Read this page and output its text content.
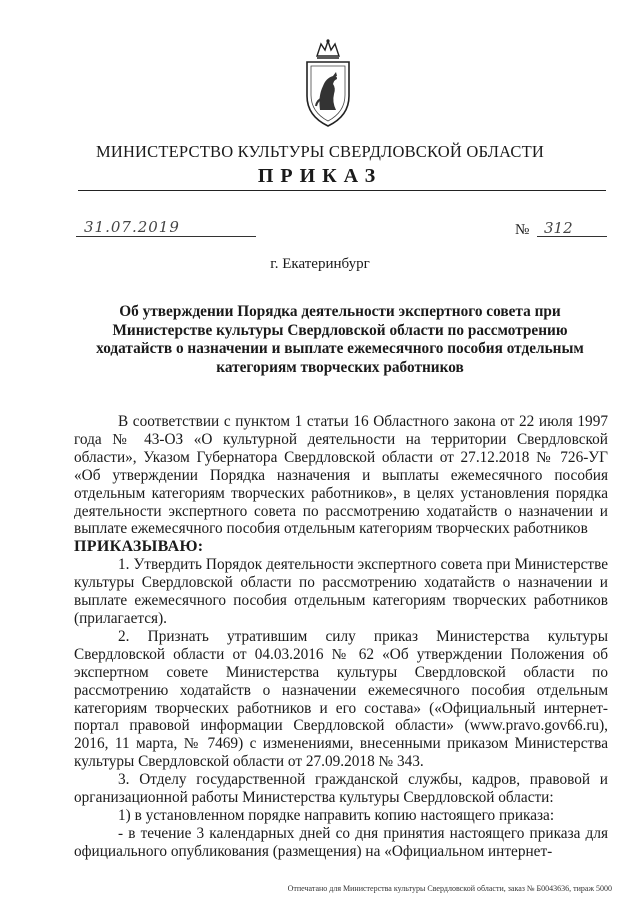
МИНИСТЕРСТВО КУЛЬТУРЫ СВЕРДЛОВСКОЙ ОБЛАСТИ
ПРИКАЗ
31.07.2019	№ 312
г. Екатеринбург
Об утверждении Порядка деятельности экспертного совета при Министерстве культуры Свердловской области по рассмотрению ходатайств о назначении и выплате ежемесячного пособия отдельным категориям творческих работников

В соответствии с пунктом 1 статьи 16 Областного закона от 22 июля 1997 года № 43-ОЗ «О культурной деятельности на территории Свердловской области», Указом Губернатора Свердловской области от 27.12.2018 № 726-УГ «Об утверждении Порядка назначения и выплаты ежемесячного пособия отдельным категориям творческих работников», в целях установления порядка деятельности экспертного совета по рассмотрению ходатайств о назначении и выплате ежемесячного пособия отдельным категориям творческих работников

ПРИКАЗЫВАЮ:

1. Утвердить Порядок деятельности экспертного совета при Министерстве культуры Свердловской области по рассмотрению ходатайств о назначении и выплате ежемесячного пособия отдельным категориям творческих работников (прилагается).

2. Признать утратившим силу приказ Министерства культуры Свердловской области от 04.03.2016 № 62 «Об утверждении Положения об экспертном совете Министерства культуры Свердловской области по рассмотрению ходатайств о назначении ежемесячного пособия отдельным категориям творческих работников и его состава» («Официальный интернет-портал правовой информации Свердловской области» (www.pravo.gov66.ru), 2016, 11 марта, № 7469) с изменениями, внесенными приказом Министерства культуры Свердловской области от 27.09.2018 № 343.

3. Отделу государственной гражданской службы, кадров, правовой и организационной работы Министерства культуры Свердловской области:

1) в установленном порядке направить копию настоящего приказа:

- в течение 3 календарных дней со дня принятия настоящего приказа для официального опубликования (размещения) на «Официальном интернет-

Отпечатано для Министерства культуры Свердловской области, заказ № Б0043636, тираж 5000
